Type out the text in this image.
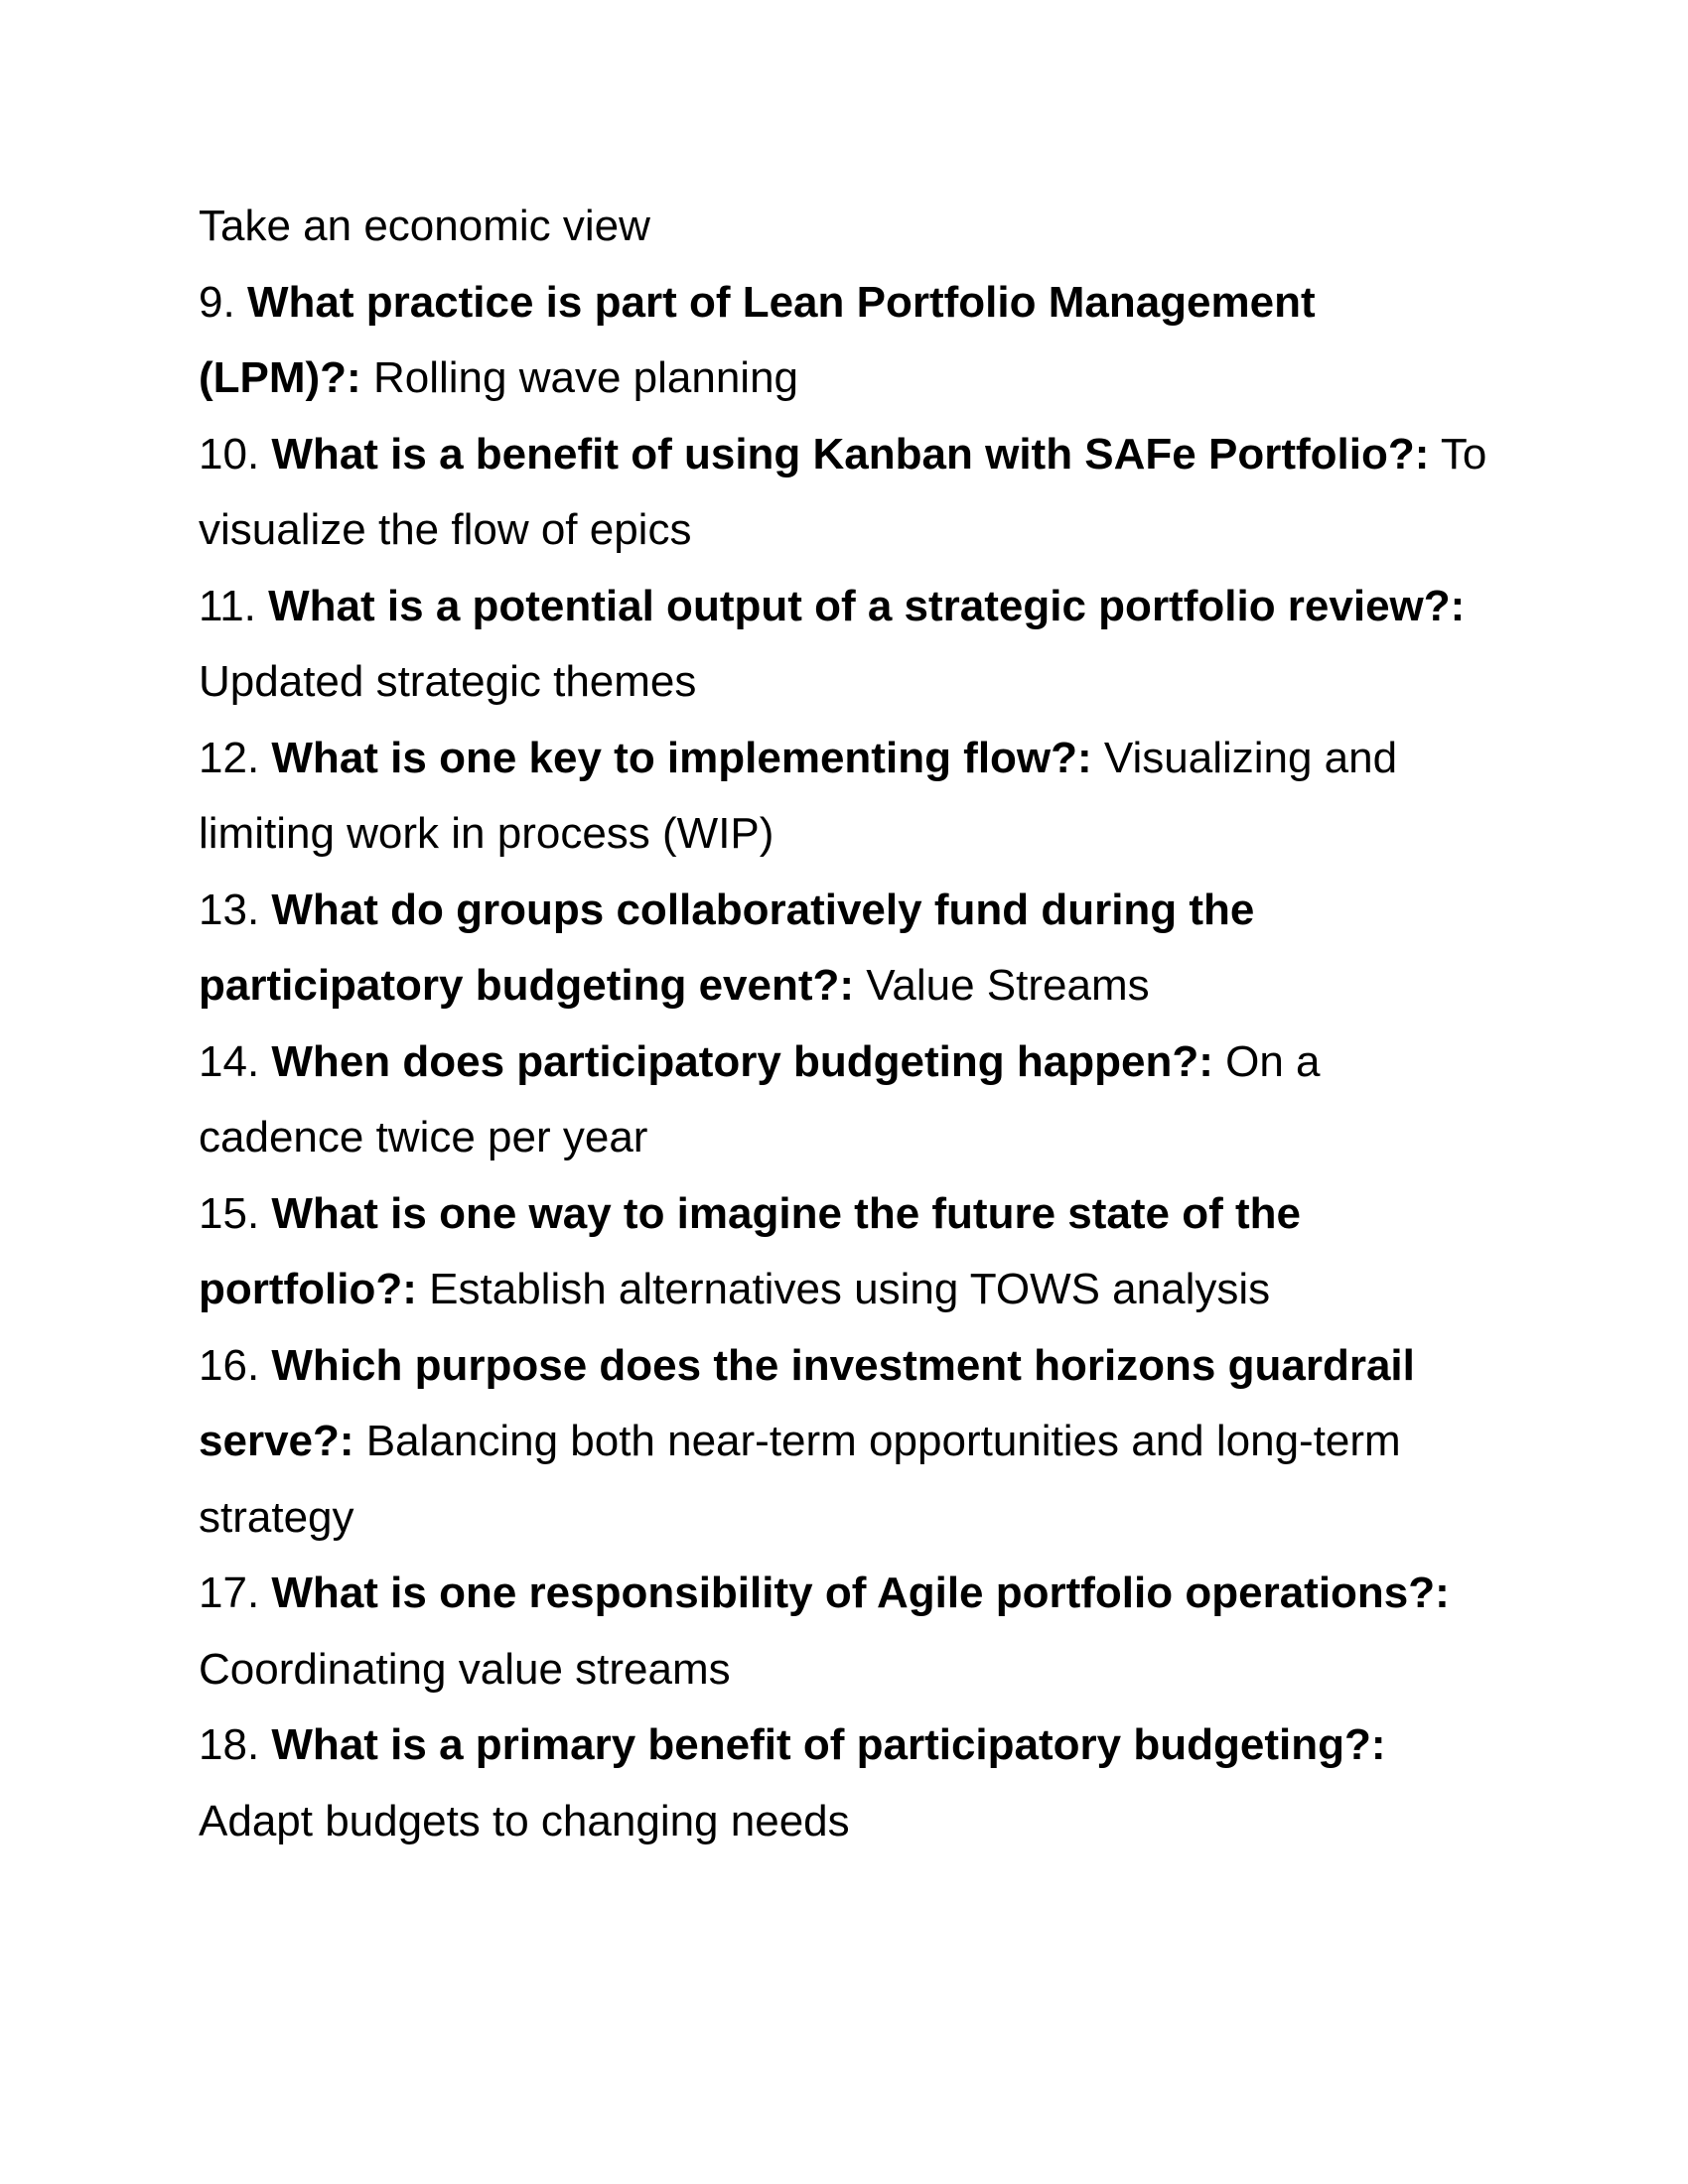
Take an economic view

9. What practice is part of Lean Portfolio Management (LPM)?: Rolling wave planning

10. What is a benefit of using Kanban with SAFe Portfolio?: To visualize the flow of epics

11. What is a potential output of a strategic portfolio review?: Updated strategic themes

12. What is one key to implementing flow?: Visualizing and limiting work in process (WIP)

13. What do groups collaboratively fund during the participatory budgeting event?: Value Streams

14. When does participatory budgeting happen?: On a cadence twice per year

15. What is one way to imagine the future state of the portfolio?: Establish alternatives using TOWS analysis

16. Which purpose does the investment horizons guardrail serve?: Balancing both near-term opportunities and long-term strategy

17. What is one responsibility of Agile portfolio operations?: Coordinating value streams

18. What is a primary benefit of participatory budgeting?: Adapt budgets to changing needs
